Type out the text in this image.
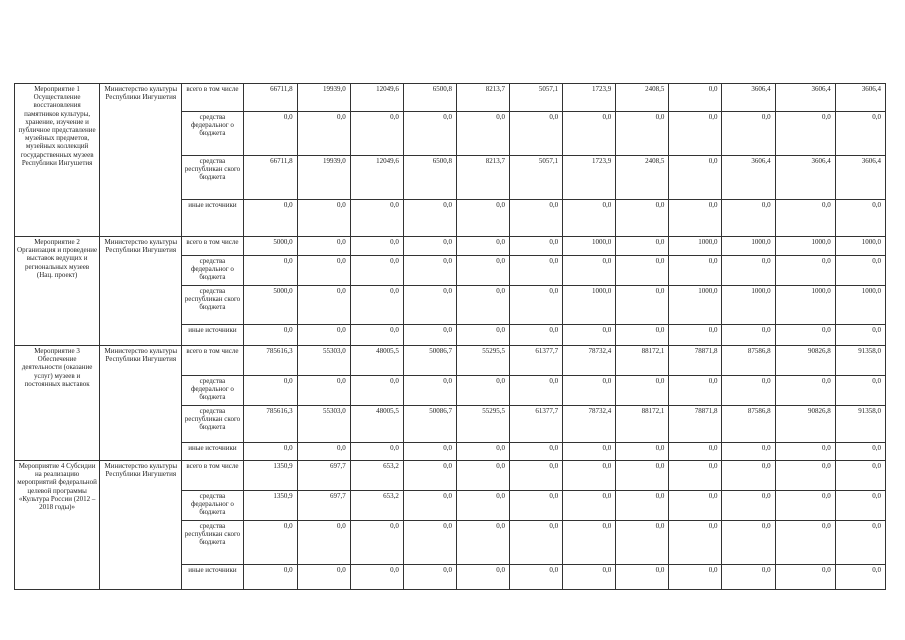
Мероприятие 1 Осуществление восстановления памятников культуры, хранение, изучение и публичное представление музейных предметов, музейных коллекций государственных музеев Республики Ингушетия	Министерство культуры Республики Ингушетия	всего в том числе	66711,8	19939,0	12049,6	6500,8	8213,7	5057,1	1723,9	2408,5	0,0	3606,4	3606,4	3606,4
		средства федеральног о бюджета	0,0	0,0	0,0	0,0	0,0	0,0	0,0	0,0	0,0	0,0	0,0	0,0
		средства республикан ского бюджета	66711,8	19939,0	12049,6	6500,8	8213,7	5057,1	1723,9	2408,5	0,0	3606,4	3606,4	3606,4
		иные источники	0,0	0,0	0,0	0,0	0,0	0,0	0,0	0,0	0,0	0,0	0,0	0,0
Мероприятие 2 Организация и проведение выставок ведущих и региональных музеев (Нац. проект)	Министерство культуры Республики Ингушетия	всего в том числе	5000,0	0,0	0,0	0,0	0,0	0,0	1000,0	0,0	1000,0	1000,0	1000,0	1000,0
		средства федеральног о бюджета	0,0	0,0	0,0	0,0	0,0	0,0	0,0	0,0	0,0	0,0	0,0	0,0
		средства республикан ского бюджета	5000,0	0,0	0,0	0,0	0,0	0,0	1000,0	0,0	1000,0	1000,0	1000,0	1000,0
		иные источники	0,0	0,0	0,0	0,0	0,0	0,0	0,0	0,0	0,0	0,0	0,0	0,0
Мероприятие 3 Обеспечение деятельности (оказание услуг) музеев и постоянных выставок	Министерство культуры Республики Ингушетия	всего в том числе	785616,3	55303,0	48005,5	50086,7	55295,5	61377,7	78732,4	88172,1	78871,8	87586,8	90826,8	91358,0
		средства федеральног о бюджета	0,0	0,0	0,0	0,0	0,0	0,0	0,0	0,0	0,0	0,0	0,0	0,0
		средства республикан ского бюджета	785616,3	55303,0	48005,5	50086,7	55295,5	61377,7	78732,4	88172,1	78871,8	87586,8	90826,8	91358,0
		иные источники	0,0	0,0	0,0	0,0	0,0	0,0	0,0	0,0	0,0	0,0	0,0	0,0
Мероприятие 4 Субсидии на реализацию мероприятий федеральной целевой программы «Культура России (2012 – 2018 годы)»	Министерство культуры Республики Ингушетия	всего в том числе	1350,9	697,7	653,2	0,0	0,0	0,0	0,0	0,0	0,0	0,0	0,0	0,0
		средства федеральног о бюджета	1350,9	697,7	653,2	0,0	0,0	0,0	0,0	0,0	0,0	0,0	0,0	0,0
		средства республикан ского бюджета	0,0	0,0	0,0	0,0	0,0	0,0	0,0	0,0	0,0	0,0	0,0	0,0
		иные источники	0,0	0,0	0,0	0,0	0,0	0,0	0,0	0,0	0,0	0,0	0,0	0,0
